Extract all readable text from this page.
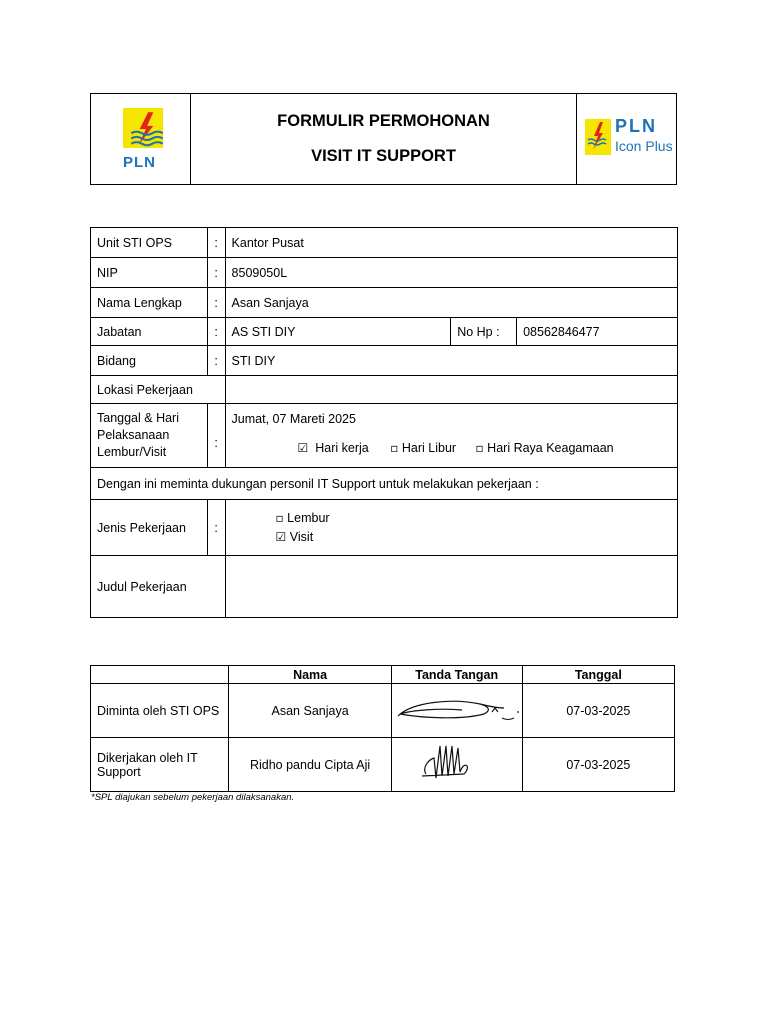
PLN
FORMULIR PERMOHONAN
VISIT IT SUPPORT
PLN
Icon Plus
Unit STI OPS	:	Kantor Pusat		
NIP	:	8509050L		
Nama Lengkap	:	Asan Sanjaya		
Jabatan	:	AS STI DIY	No Hp :	08562846477
Bidang	:	STI DIY		
Lokasi Pekerjaan				
Tanggal & Hari Pelaksanaan Lembur/Visit	:	Jumat, 07 Mareti 2025
☑ Hari kerja ▫ Hari Libur ▫ Hari Raya Keagamaan		

Dengan ini meminta dukungan personil IT Support untuk melakukan pekerjaan :				
Jenis Pekerjaan	:	▫ Lembur
☑ Visit		

Judul Pekerjaan				
	Nama	Tanda Tangan	Tanggal
Diminta oleh STI OPS	Asan Sanjaya		07-03-2025
Dikerjakan oleh IT Support	Ridho pandu Cipta Aji		07-03-2025
*SPL diajukan sebelum pekerjaan dilaksanakan.
